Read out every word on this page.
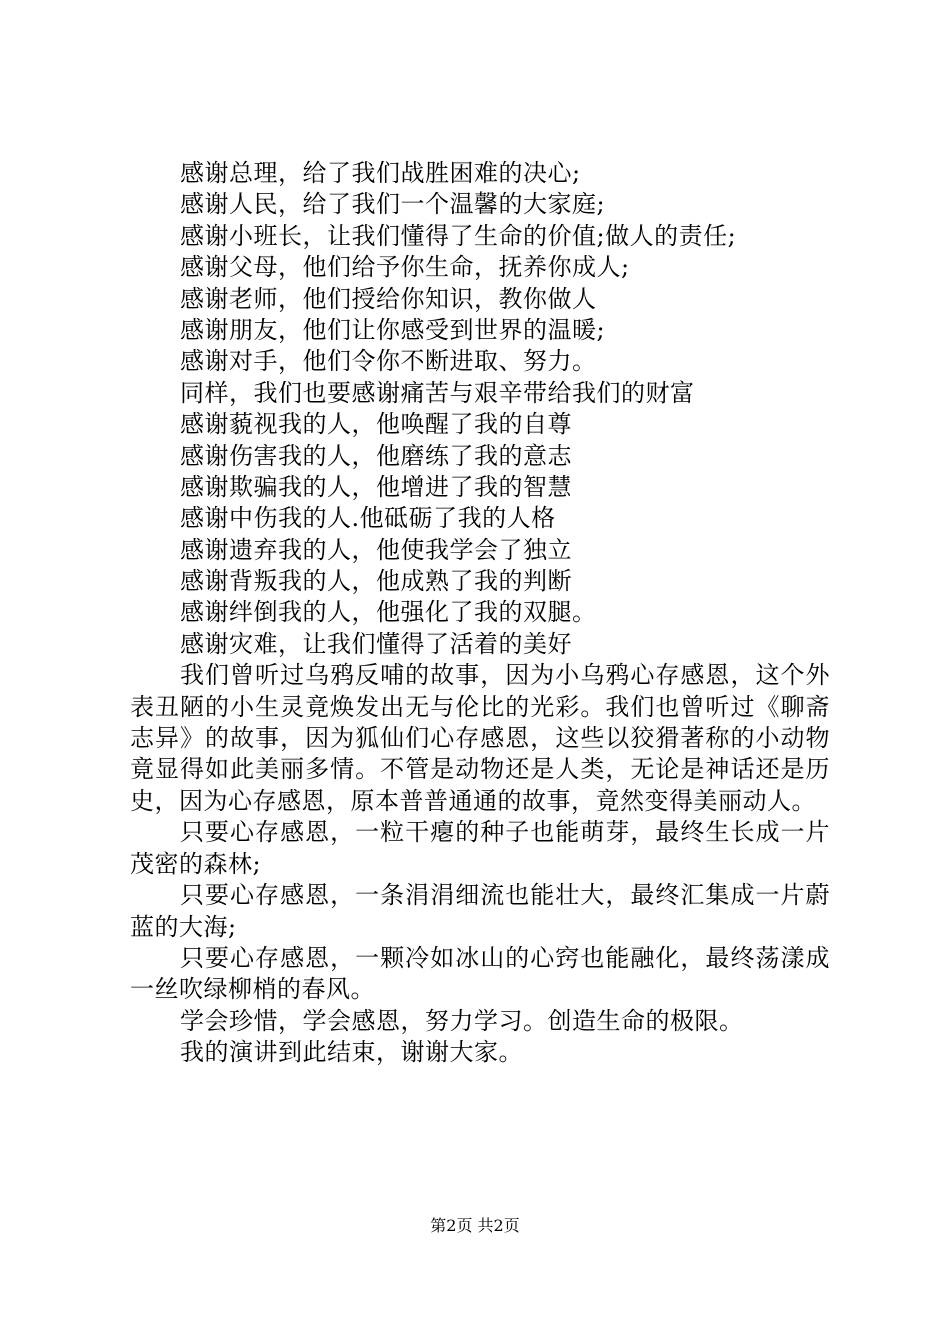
感谢总理，给了我们战胜困难的决心;
感谢人民，给了我们一个温馨的大家庭;
感谢小班长，让我们懂得了生命的价值;做人的责任;
感谢父母，他们给予你生命，抚养你成人;
感谢老师，他们授给你知识，教你做人
感谢朋友，他们让你感受到世界的温暖;
感谢对手，他们令你不断进取、努力。
同样，我们也要感谢痛苦与艰辛带给我们的财富
感谢藐视我的人，他唤醒了我的自尊
感谢伤害我的人，他磨练了我的意志
感谢欺骗我的人，他增进了我的智慧
感谢中伤我的人.他砥砺了我的人格
感谢遗弃我的人，他使我学会了独立
感谢背叛我的人，他成熟了我的判断
感谢绊倒我的人，他强化了我的双腿。
感谢灾难，让我们懂得了活着的美好

我们曾听过乌鸦反哺的故事，因为小乌鸦心存感恩，这个外表丑陋的小生灵竟焕发出无与伦比的光彩。我们也曾听过《聊斋志异》的故事，因为狐仙们心存感恩，这些以狡猾著称的小动物竟显得如此美丽多情。不管是动物还是人类，无论是神话还是历史，因为心存感恩，原本普普通通的故事，竟然变得美丽动人。

只要心存感恩，一粒干瘪的种子也能萌芽，最终生长成一片茂密的森林;

只要心存感恩，一条涓涓细流也能壮大，最终汇集成一片蔚蓝的大海;

只要心存感恩，一颗冷如冰山的心窍也能融化，最终荡漾成一丝吹绿柳梢的春风。

学会珍惜，学会感恩，努力学习。创造生命的极限。

我的演讲到此结束，谢谢大家。

第2页 共2页
